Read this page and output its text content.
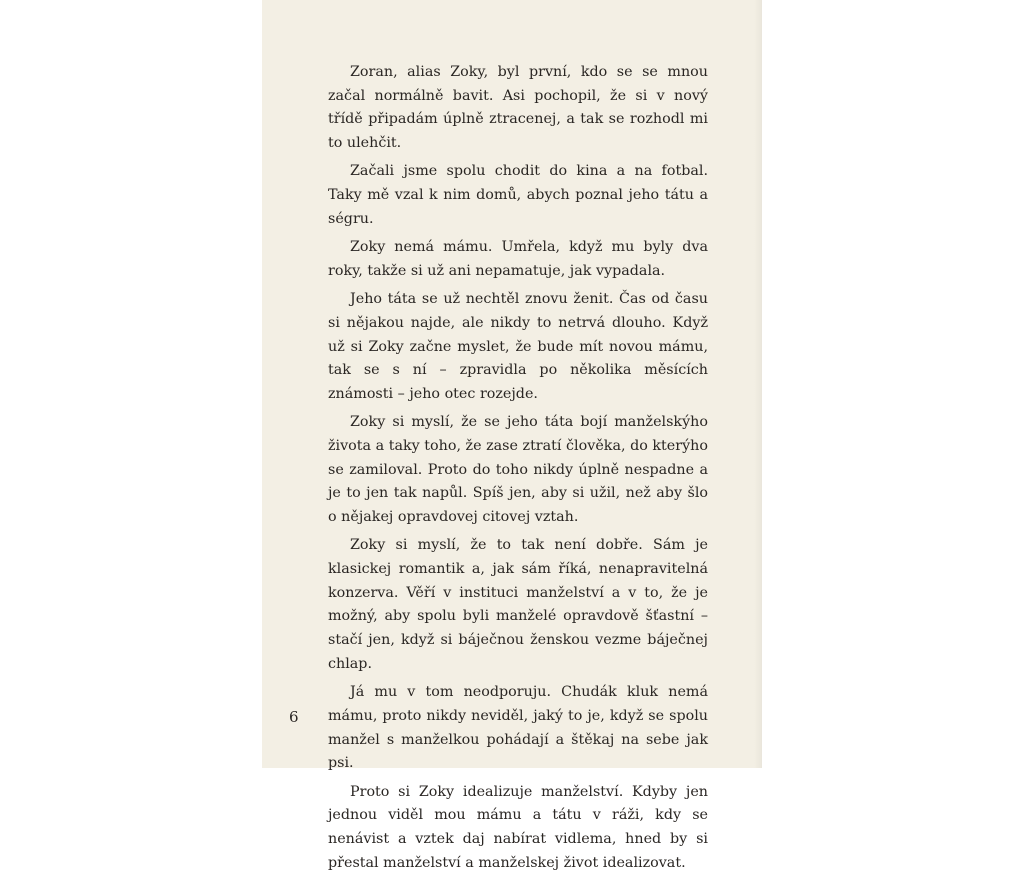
Zoran, alias Zoky, byl první, kdo se se mnou začal normálně bavit. Asi pochopil, že si v nový třídě připadám úplně ztracenej, a tak se rozhodl mi to ulehčit.

Začali jsme spolu chodit do kina a na fotbal. Taky mě vzal k nim domů, abych poznal jeho tátu a ségru.

Zoky nemá mámu. Umřela, když mu byly dva roky, takže si už ani nepamatuje, jak vypadala.

Jeho táta se už nechtěl znovu ženit. Čas od času si nějakou najde, ale nikdy to netrvá dlouho. Když už si Zoky začne myslet, že bude mít novou mámu, tak se s ní – zpravidla po několika měsících známosti – jeho otec rozejde.

Zoky si myslí, že se jeho táta bojí manželskýho života a taky toho, že zase ztratí člověka, do kterýho se zamiloval. Proto do toho nikdy úplně nespadne a je to jen tak napůl. Spíš jen, aby si užil, než aby šlo o nějakej opravdovej citovej vztah.

Zoky si myslí, že to tak není dobře. Sám je klasickej romantik a, jak sám říká, nenapravitelná konzerva. Věří v instituci manželství a v to, že je možný, aby spolu byli manželé opravdově šťastní – stačí jen, když si báječnou ženskou vezme báječnej chlap.

Já mu v tom neodporuju. Chudák kluk nemá mámu, proto nikdy neviděl, jaký to je, když se spolu manžel s manželkou pohádají a štěkaj na sebe jak psi.

Proto si Zoky idealizuje manželství. Kdyby jen jednou viděl mou mámu a tátu v ráži, kdy se nenávist a vztek daj nabírat vidlema, hned by si přestal manželství a manželskej život idealizovat.

6
